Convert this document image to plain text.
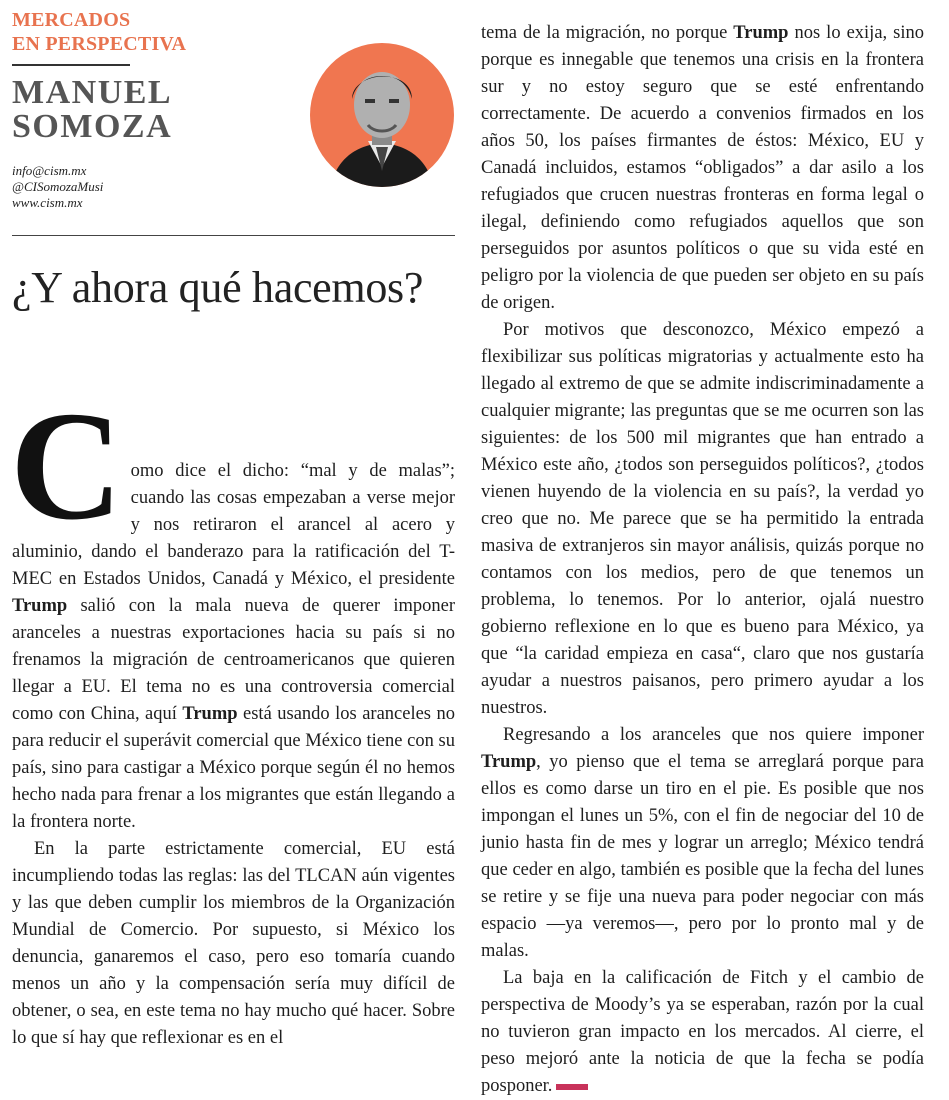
MERCADOS
EN PERSPECTIVA
MANUEL
SOMOZA
info@cism.mx
@CISomozaMusi
www.cism.mx
¿Y ahora qué hacemos?

Como dice el dicho: “mal y de malas”; cuando las cosas empezaban a verse mejor y nos retiraron el arancel al acero y aluminio, dando el banderazo para la ratificación del T-MEC en Estados Unidos, Canadá y México, el presidente Trump salió con la mala nueva de querer imponer aranceles a nuestras exportaciones hacia su país si no frenamos la migración de centroamericanos que quieren llegar a EU. El tema no es una controversia comercial como con China, aquí Trump está usando los aranceles no para reducir el superávit comercial que México tiene con su país, sino para castigar a México porque según él no hemos hecho nada para frenar a los migrantes que están llegando a la frontera norte.

En la parte estrictamente comercial, EU está incumpliendo todas las reglas: las del TLCAN aún vigentes y las que deben cumplir los miembros de la Organización Mundial de Comercio. Por supuesto, si México los denuncia, ganaremos el caso, pero eso tomaría cuando menos un año y la compensación sería muy difícil de obtener, o sea, en este tema no hay mucho qué hacer. Sobre lo que sí hay que reflexionar es en el

tema de la migración, no porque Trump nos lo exija, sino porque es innegable que tenemos una crisis en la frontera sur y no estoy seguro que se esté enfrentando correctamente. De acuerdo a convenios firmados en los años 50, los países firmantes de éstos: México, EU y Canadá incluidos, estamos “obligados” a dar asilo a los refugiados que crucen nuestras fronteras en forma legal o ilegal, definiendo como refugiados aquellos que son perseguidos por asuntos políticos o que su vida esté en peligro por la violencia de que pueden ser objeto en su país de origen.

Por motivos que desconozco, México empezó a flexibilizar sus políticas migratorias y actualmente esto ha llegado al extremo de que se admite indiscriminadamente a cualquier migrante; las preguntas que se me ocurren son las siguientes: de los 500 mil migrantes que han entrado a México este año, ¿todos son perseguidos políticos?, ¿todos vienen huyendo de la violencia en su país?, la verdad yo creo que no. Me parece que se ha permitido la entrada masiva de extranjeros sin mayor análisis, quizás porque no contamos con los medios, pero de que tenemos un problema, lo tenemos. Por lo anterior, ojalá nuestro gobierno reflexione en lo que es bueno para México, ya que “la caridad empieza en casa“, claro que nos gustaría ayudar a nuestros paisanos, pero primero ayudar a los nuestros.

Regresando a los aranceles que nos quiere imponer Trump, yo pienso que el tema se arreglará porque para ellos es como darse un tiro en el pie. Es posible que nos impongan el lunes un 5%, con el fin de negociar del 10 de junio hasta fin de mes y lograr un arreglo; México tendrá que ceder en algo, también es posible que la fecha del lunes se retire y se fije una nueva para poder negociar con más espacio —ya veremos—, pero por lo pronto mal y de malas.

La baja en la calificación de Fitch y el cambio de perspectiva de Moody’s ya se esperaban, razón por la cual no tuvieron gran impacto en los mercados. Al cierre, el peso mejoró ante la noticia de que la fecha se podía posponer.
